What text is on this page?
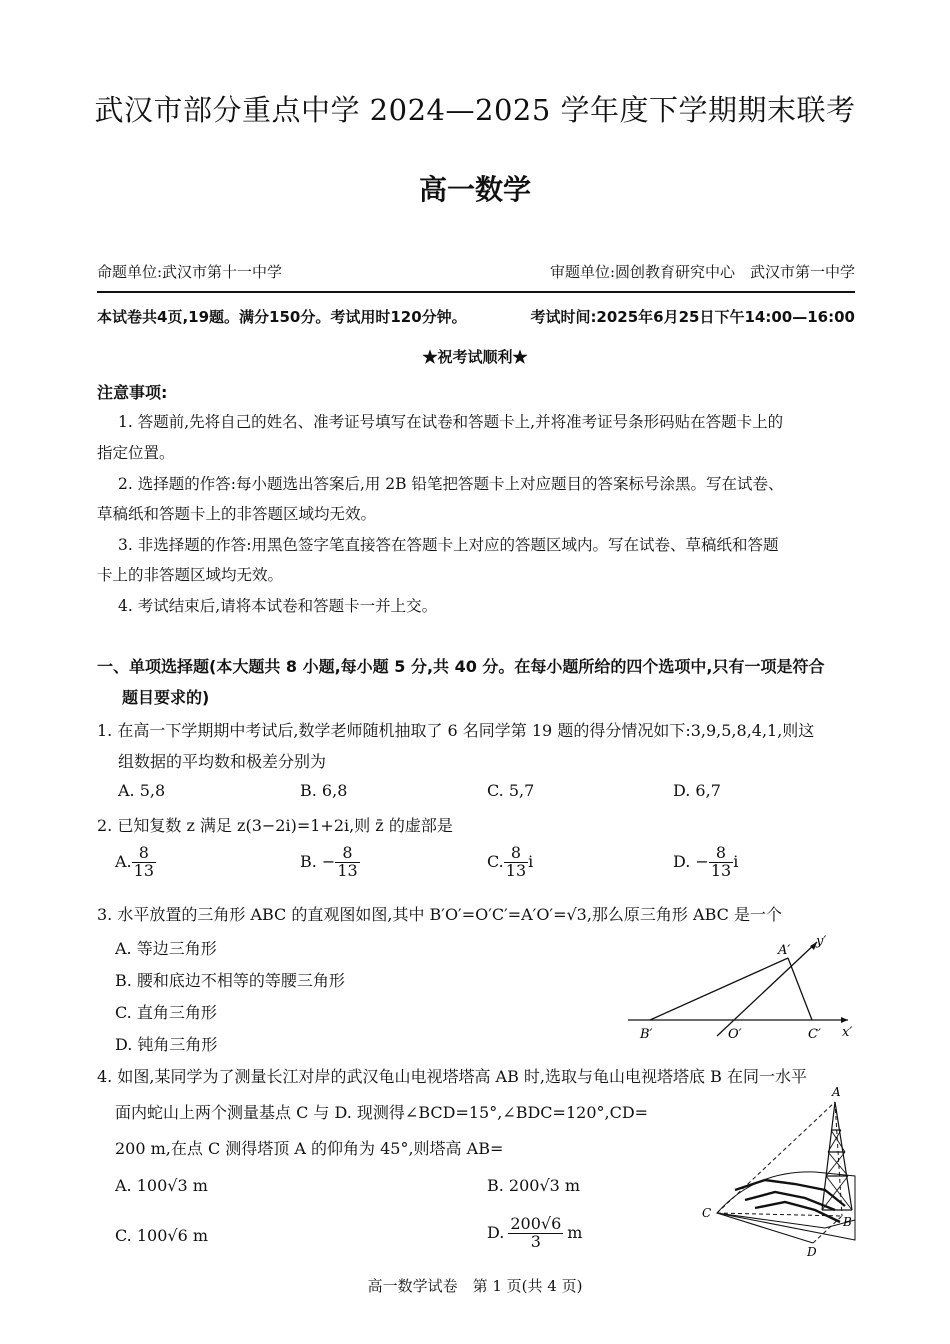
武汉市部分重点中学 2024—2025 学年度下学期期末联考
高一数学
命题单位:武汉市第十一中学	审题单位:圆创教育研究中心　武汉市第一中学
本试卷共4页,19题。满分150分。考试用时120分钟。	考试时间:2025年6月25日下午14:00—16:00
★祝考试顺利★
注意事项:
1. 答题前,先将自己的姓名、准考证号填写在试卷和答题卡上,并将准考证号条形码贴在答题卡上的
指定位置。
2. 选择题的作答:每小题选出答案后,用 2B 铅笔把答题卡上对应题目的答案标号涂黑。写在试卷、
草稿纸和答题卡上的非答题区域均无效。
3. 非选择题的作答:用黑色签字笔直接答在答题卡上对应的答题区域内。写在试卷、草稿纸和答题
卡上的非答题区域均无效。
4. 考试结束后,请将本试卷和答题卡一并上交。
一、单项选择题(本大题共 8 小题,每小题 5 分,共 40 分。在每小题所给的四个选项中,只有一项是符合
题目要求的)
1. 在高一下学期期中考试后,数学老师随机抽取了 6 名同学第 19 题的得分情况如下:3,9,5,8,4,1,则这
组数据的平均数和极差分别为
A. 5,8	B. 6,8	C. 5,7	D. 6,7
2. 已知复数 z 满足 z(3−2i)=1+2i,则 z̄ 的虚部是
A. $\frac{8}{13}$	B. − $\frac{8}{13}$	C. $\frac{8}{13}$ i	D. − $\frac{8}{13}$ i
3. 水平放置的三角形 ABC 的直观图如图,其中 B′O′=O′C′=A′O′=√3,那么原三角形 ABC 是一个
A. 等边三角形
B. 腰和底边不相等的等腰三角形
C. 直角三角形
D. 钝角三角形
A′
y′
B′	O′	C′ x′
4. 如图,某同学为了测量长江对岸的武汉龟山电视塔塔高 AB 时,选取与龟山电视塔塔底 B 在同一水平
面内蛇山上两个测量基点 C 与 D. 现测得∠BCD=15°,∠BDC=120°,CD=
200 m,在点 C 测得塔顶 A 的仰角为 45°,则塔高 AB=
A. 100√3 m	B. 200√3 m
C. 100√6 m	D. $\frac{200√6}{3}$ m
A
B
C
D
高一数学试卷　第 1 页(共 4 页)
